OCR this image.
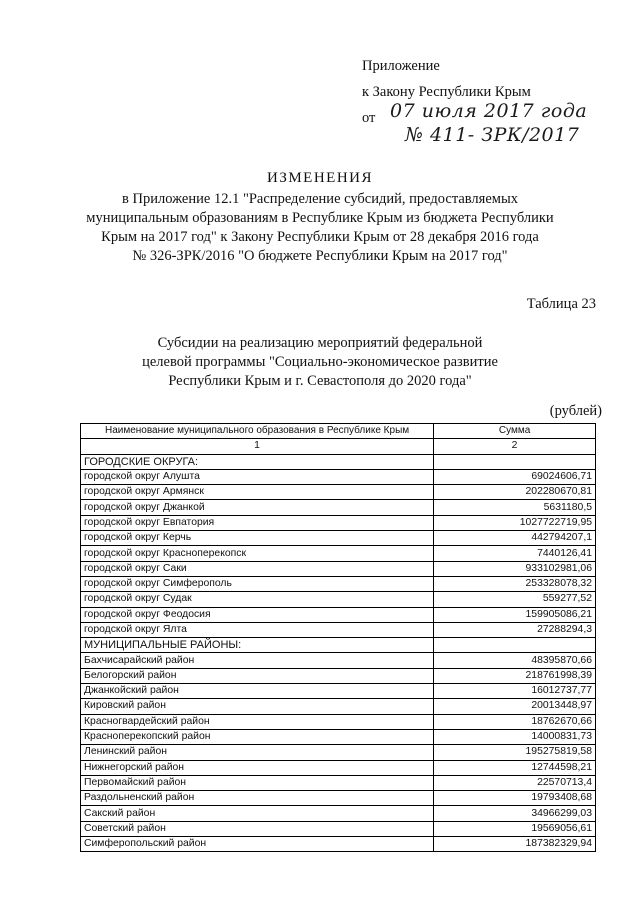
Приложение
к Закону Республики Крым
от 07 июля 2017 года
№ 411- ЗРК/2017
ИЗМЕНЕНИЯ
в Приложение 12.1 "Распределение субсидий, предоставляемых
муниципальным образованиям в Республике Крым из бюджета Республики
Крым на 2017 год" к Закону Республики Крым от 28 декабря 2016 года
№ 326-ЗРК/2016 "О бюджете Республики Крым на 2017 год"
Таблица 23
Субсидии на реализацию мероприятий федеральной
целевой программы "Социально-экономическое развитие
Республики Крым и г. Севастополя до 2020 года"
(рублей)
Наименование муниципального образования в Республике Крым	Сумма
1	2
ГОРОДСКИЕ ОКРУГА:	
городской округ Алушта	69024606,71
городской округ Армянск	202280670,81
городской округ Джанкой	5631180,5
городской округ Евпатория	1027722719,95
городской округ Керчь	442794207,1
городской округ Красноперекопск	7440126,41
городской округ Саки	933102981,06
городской округ Симферополь	253328078,32
городской округ Судак	559277,52
городской округ Феодосия	159905086,21
городской округ Ялта	27288294,3
МУНИЦИПАЛЬНЫЕ РАЙОНЫ:	
Бахчисарайский район	48395870,66
Белогорский район	218761998,39
Джанкойский район	16012737,77
Кировский район	20013448,97
Красногвардейский район	18762670,66
Красноперекопский район	14000831,73
Ленинский район	195275819,58
Нижнегорский район	12744598,21
Первомайский район	22570713,4
Раздольненский район	19793408,68
Сакский район	34966299,03
Советский район	19569056,61
Симферопольский район	187382329,94
